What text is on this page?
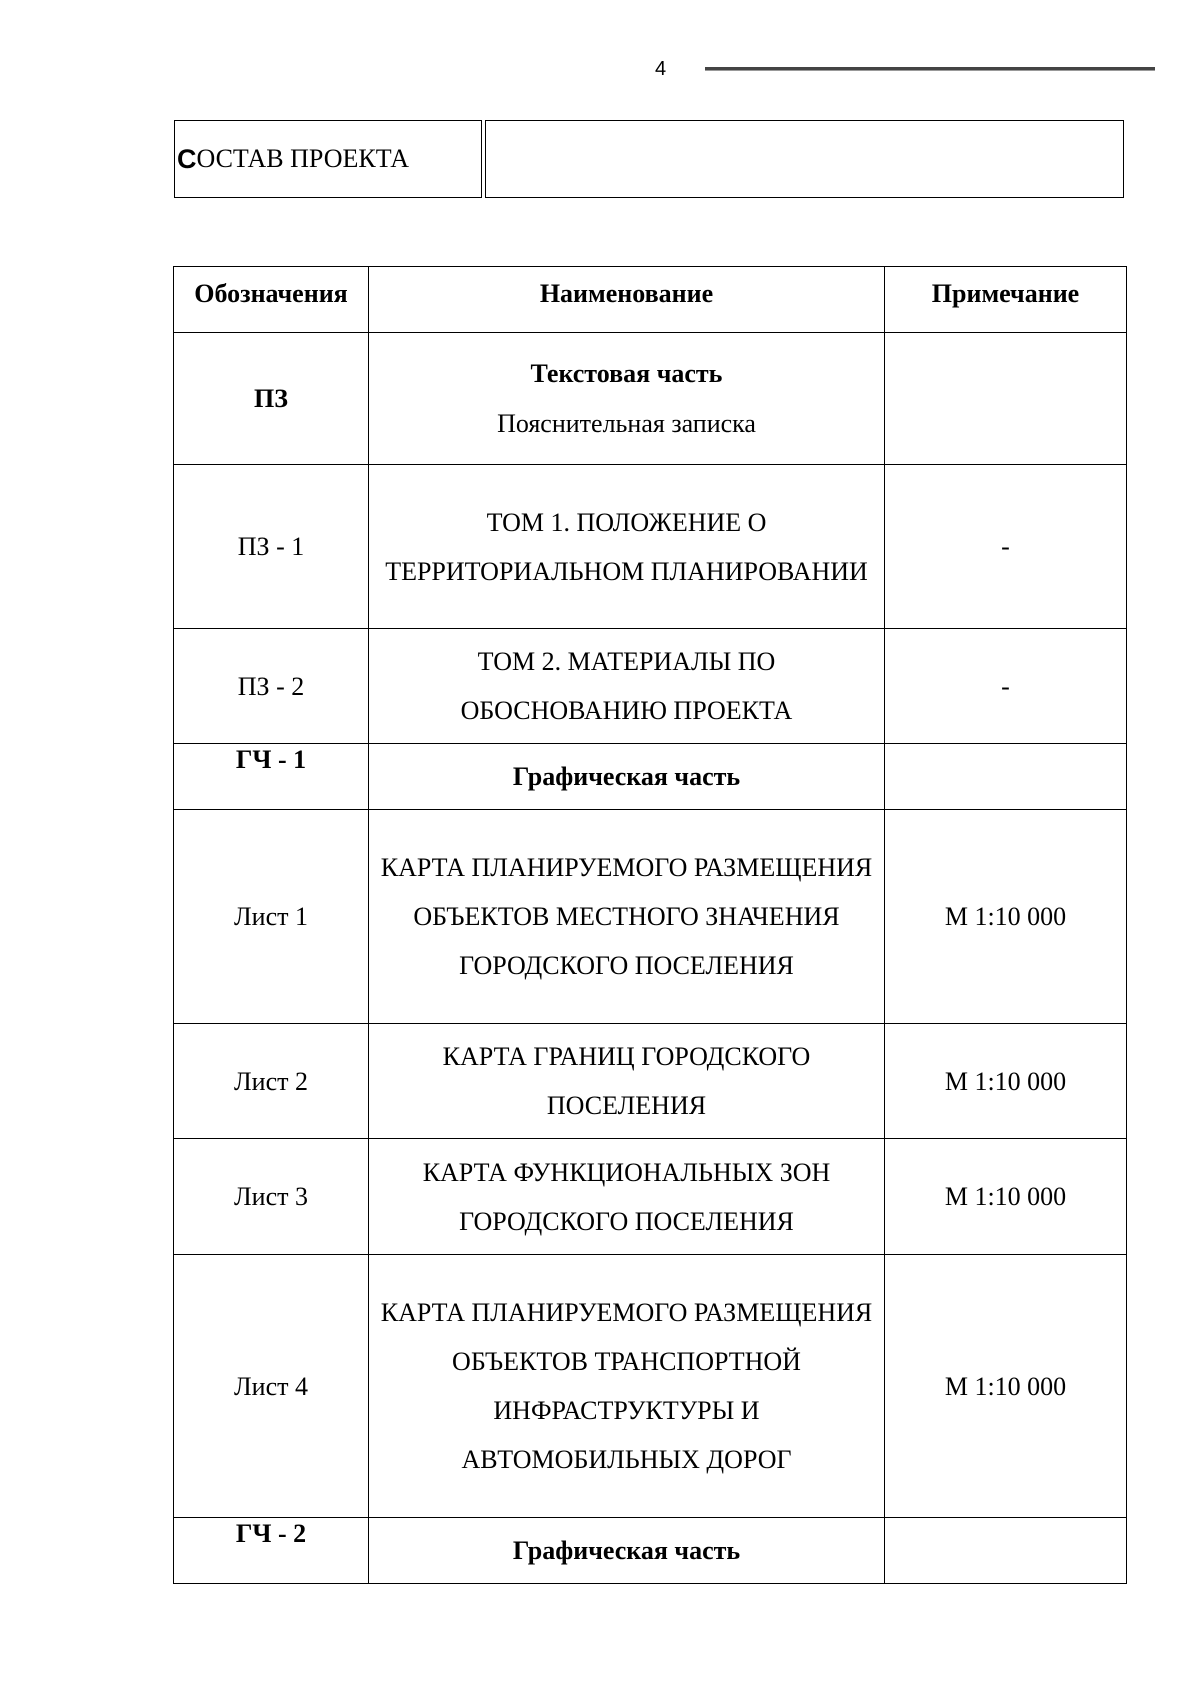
4
С ОСТАВ ПРОЕКТА
Обозначения	Наименование	Примечание
ПЗ	Текстовая часть
Пояснительная записка	

ПЗ - 1	ТОМ 1. ПОЛОЖЕНИЕ О ТЕРРИТОРИАЛЬНОМ ПЛАНИРОВАНИИ	-
ПЗ - 2	ТОМ 2. МАТЕРИАЛЫ ПО ОБОСНОВАНИЮ ПРОЕКТА	-
ГЧ - 1	Графическая часть	
Лист 1	КАРТА ПЛАНИРУЕМОГО РАЗМЕЩЕНИЯ ОБЪЕКТОВ МЕСТНОГО ЗНАЧЕНИЯ ГОРОДСКОГО ПОСЕЛЕНИЯ	М 1:10 000
Лист 2	КАРТА ГРАНИЦ ГОРОДСКОГО ПОСЕЛЕНИЯ	М 1:10 000
Лист 3	КАРТА ФУНКЦИОНАЛЬНЫХ ЗОН ГОРОДСКОГО ПОСЕЛЕНИЯ	М 1:10 000
Лист 4	КАРТА ПЛАНИРУЕМОГО РАЗМЕЩЕНИЯ ОБЪЕКТОВ ТРАНСПОРТНОЙ ИНФРАСТРУКТУРЫ И АВТОМОБИЛЬНЫХ ДОРОГ	М 1:10 000
ГЧ - 2	Графическая часть	
